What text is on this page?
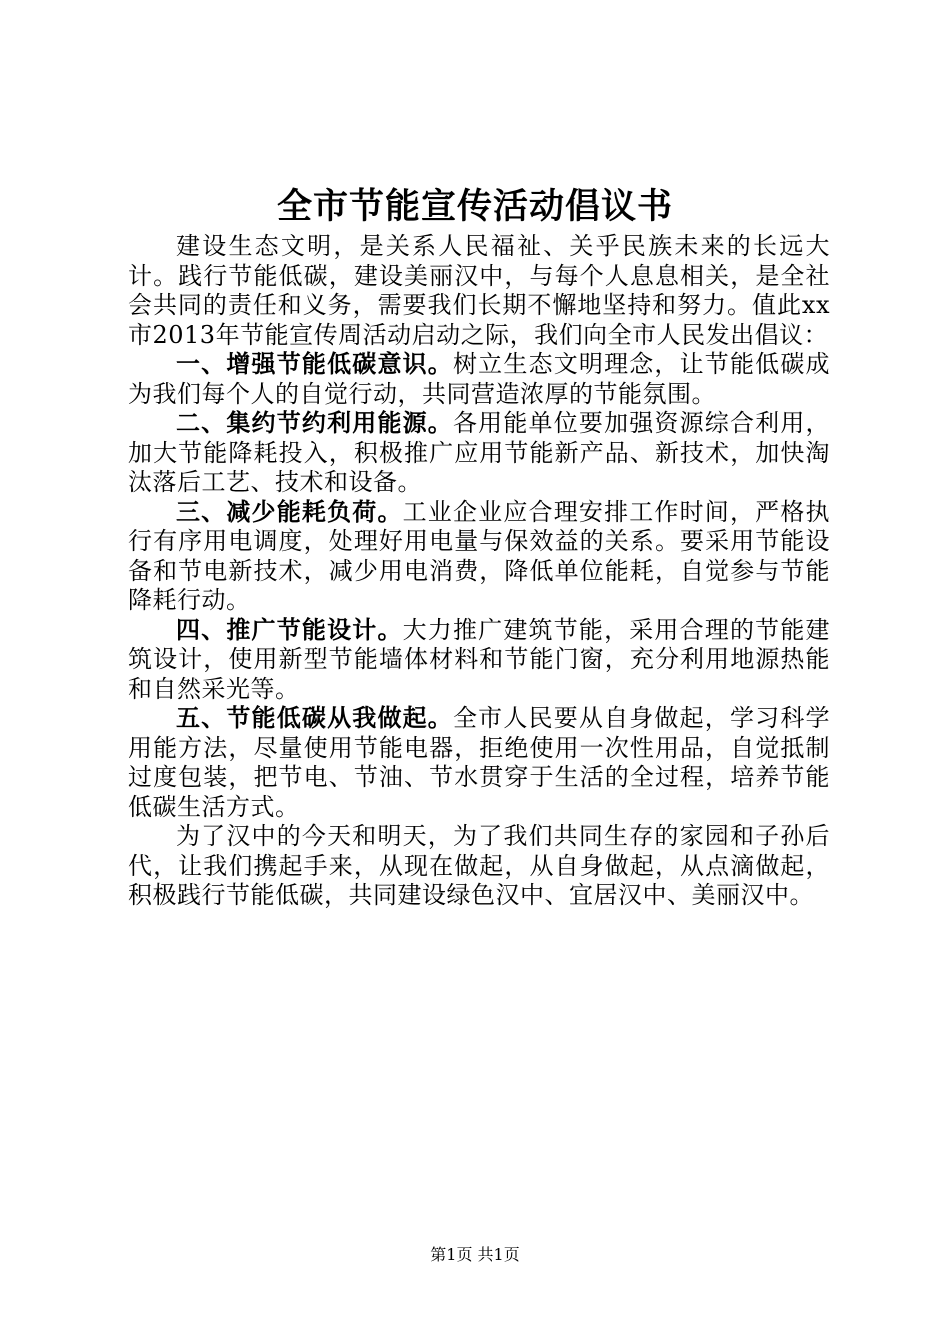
全市节能宣传活动倡议书

建设生态文明，是关系人民福祉、关乎民族未来的长远大计。践行节能低碳，建设美丽汉中，与每个人息息相关，是全社会共同的责任和义务，需要我们长期不懈地坚持和努力。值此xx市2013年节能宣传周活动启动之际，我们向全市人民发出倡议：

一、增强节能低碳意识。树立生态文明理念，让节能低碳成为我们每个人的自觉行动，共同营造浓厚的节能氛围。

二、集约节约利用能源。各用能单位要加强资源综合利用，加大节能降耗投入，积极推广应用节能新产品、新技术，加快淘汰落后工艺、技术和设备。

三、减少能耗负荷。工业企业应合理安排工作时间，严格执行有序用电调度，处理好用电量与保效益的关系。要采用节能设备和节电新技术，减少用电消费，降低单位能耗，自觉参与节能降耗行动。

四、推广节能设计。大力推广建筑节能，采用合理的节能建筑设计，使用新型节能墙体材料和节能门窗，充分利用地源热能和自然采光等。

五、节能低碳从我做起。全市人民要从自身做起，学习科学用能方法，尽量使用节能电器，拒绝使用一次性用品，自觉抵制过度包装，把节电、节油、节水贯穿于生活的全过程，培养节能低碳生活方式。

为了汉中的今天和明天，为了我们共同生存的家园和子孙后代，让我们携起手来，从现在做起，从自身做起，从点滴做起，积极践行节能低碳，共同建设绿色汉中、宜居汉中、美丽汉中。

第1页 共1页
